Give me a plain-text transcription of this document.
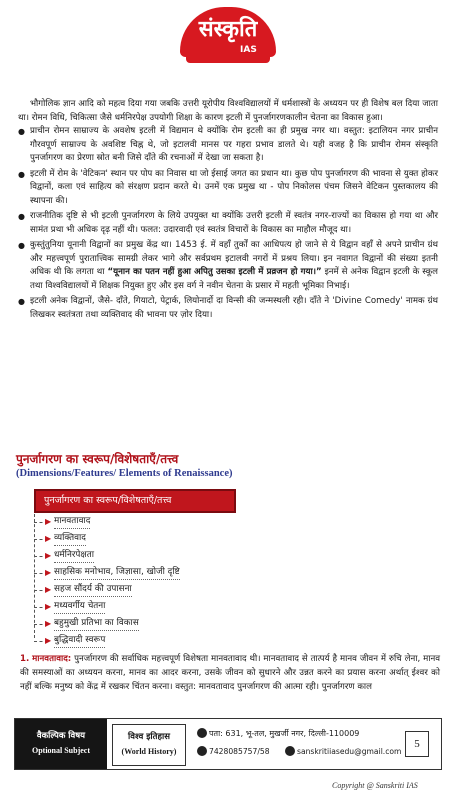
संस्कृति
IAS

भौगोलिक ज्ञान आदि को महत्व दिया गया जबकि उत्तरी यूरोपीय विश्वविद्यालयों में धर्मशास्त्रों के अध्ययन पर ही विशेष बल दिया जाता था। रोमन विधि, चिकित्सा जैसे धर्मनिरपेक्ष उपयोगी शिक्षा के कारण इटली में पुनर्जागरणकालीन चेतना का विकास हुआ।

● प्राचीन रोमन साम्राज्य के अवशेष इटली में विद्यमान थे क्योंकि रोम इटली का ही प्रमुख नगर था। वस्तुत: इटालियन नगर प्राचीन गौरवपूर्ण साम्राज्य के अवशिष्ट चिह्न थे, जो इटालवी मानस पर गहरा प्रभाव डालते थे। यही वजह है कि प्राचीन रोमन संस्कृति पुनर्जागरण का प्रेरणा स्रोत बनी जिसे दाँते की रचनाओं में देखा जा सकता है।
● इटली में रोम के 'वेटिकन' स्थान पर पोप का निवास था जो ईसाई जगत का प्रधान था। कुछ पोप पुनर्जागरण की भावना से युक्त होकर विद्वानों, कला एवं साहित्य को संरक्षण प्रदान करते थे। उनमें एक प्रमुख था - पोप निकोलस पंचम जिसने वेटिकन पुस्तकालय की स्थापना की।
● राजनीतिक दृष्टि से भी इटली पुनर्जागरण के लिये उपयुक्त था क्योंकि उत्तरी इटली में स्वतंत्र नगर-राज्यों का विकास हो गया था और सामंत प्रथा भी अधिक दृढ़ नहीं थी। फलत: उदारवादी एवं स्वतंत्र विचारों के विकास का माहौल मौजूद था।
● कुस्तुंतुनिया यूनानी विद्वानों का प्रमुख केंद्र था। 1453 ई. में वहाँ तुर्कों का आधिपत्य हो जाने से ये विद्वान वहाँ से अपने प्राचीन ग्रंथ और महत्त्वपूर्ण पुरातात्त्विक सामग्री लेकर भागे और सर्वप्रथम इटालवी नगरों में प्रश्रय लिया। इन नवागत विद्वानों की संख्या इतनी अधिक थी कि लगता था “यूनान का पतन नहीं हुआ अपितु उसका इटली में प्रव्रजन हो गया।” इनमें से अनेक विद्वान इटली के स्कूल तथा विश्वविद्यालयों में शिक्षक नियुक्त हुए और इस वर्ग ने नवीन चेतना के प्रसार में महती भूमिका निभाई।
● इटली अनेक विद्वानों, जैसे- दाँते, गियाटो, पेट्रार्क, लियोनार्दो दा विन्सी की जन्मस्थली रही। दाँते ने 'Divine Comedy' नामक ग्रंथ लिखकर स्वतंत्रता तथा व्यक्तिवाद की भावना पर ज़ोर दिया।
पुनर्जागरण का स्वरूप/विशेषताएँ/तत्त्व
(Dimensions/Features/ Elements of Renaissance)
पुनर्जागरण का स्वरूप/विशेषताएँ/तत्त्व
▶ मानवतावाद
▶ व्यक्तिवाद
▶ धर्मनिरपेक्षता
▶ साहसिक मनोभाव, जिज्ञासा, खोजी दृष्टि
▶ सहज सौंदर्य की उपासना
▶ मध्यवर्गीय चेतना
▶ बहुमुखी प्रतिभा का विकास
▶ बुद्धिवादी स्वरूप
1. मानवतावाद: पुनर्जागरण की सर्वाधिक महत्त्वपूर्ण विशेषता मानवतावाद थी। मानवतावाद से तात्पर्य है मानव जीवन में रुचि लेना, मानव की समस्याओं का अध्ययन करना, मानव का आदर करना, उसके जीवन को सुधारने और उन्नत करने का प्रयास करना अर्थात् ईश्वर को नहीं बल्कि मनुष्य को केंद्र में रखकर चिंतन करना। वस्तुत: मानवतावाद पुनर्जागरण की आत्मा रही। पुनर्जागरण काल
वैकल्पिक विषय
Optional Subject
विश्व इतिहास
(World History)
पता: 631, भू-तल, मुखर्जी नगर, दिल्ली-110009
7428085757/58	sanskritiiasedu@gmail.com
5
Copyright @ Sanskriti IAS
